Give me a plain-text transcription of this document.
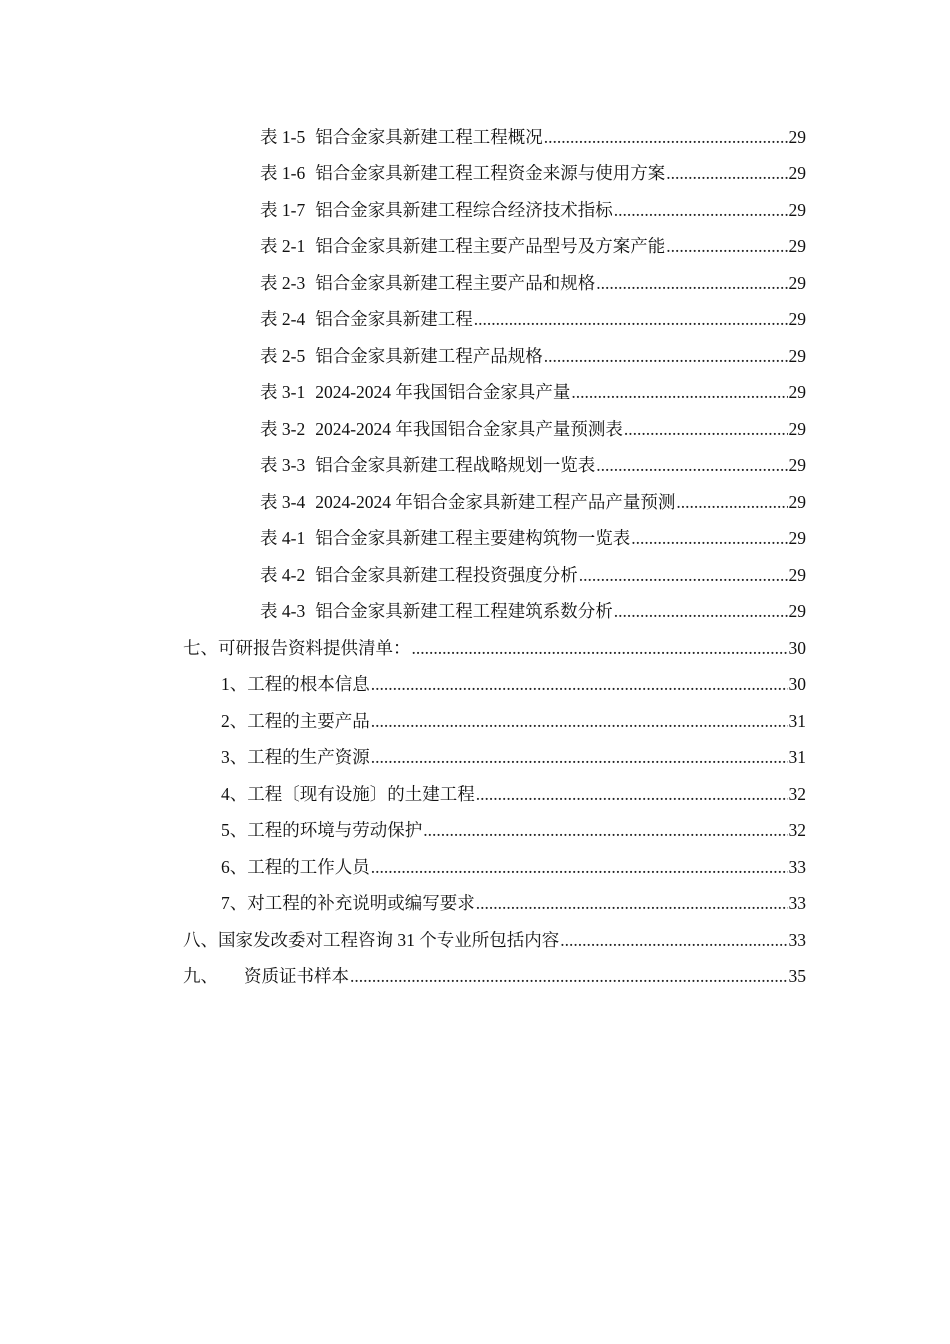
表 1-5 铝合金家具新建工程工程概况 .....	29
表 1-6 铝合金家具新建工程工程资金来源与使用方案 .....	29
表 1-7 铝合金家具新建工程综合经济技术指标 .....	29
表 2-1 铝合金家具新建工程主要产品型号及方案产能 .....	29
表 2-3 铝合金家具新建工程主要产品和规格 .....	29
表 2-4 铝合金家具新建工程 .....	29
表 2-5 铝合金家具新建工程产品规格 .....	29
表 3-1 2024-2024 年我国铝合金家具产量 .....	29
表 3-2 2024-2024 年我国铝合金家具产量预测表 .....	29
表 3-3 铝合金家具新建工程战略规划一览表 .....	29
表 3-4 2024-2024 年铝合金家具新建工程产品产量预测 .....	29
表 4-1 铝合金家具新建工程主要建构筑物一览表 .....	29
表 4-2 铝合金家具新建工程投资强度分析 .....	29
表 4-3 铝合金家具新建工程工程建筑系数分析 .....	29
七、可研报告资料提供清单： .....	30
1、工程的根本信息 .....	30
2、工程的主要产品 .....	31
3、工程的生产资源 .....	31
4、工程〔现有设施〕的土建工程 .....	32
5、工程的环境与劳动保护 .....	32
6、工程的工作人员 .....	33
7、对工程的补充说明或编写要求 .....	33
八、国家发改委对工程咨询 31 个专业所包括内容 .....	33
九、 资质证书样本 .....	35
